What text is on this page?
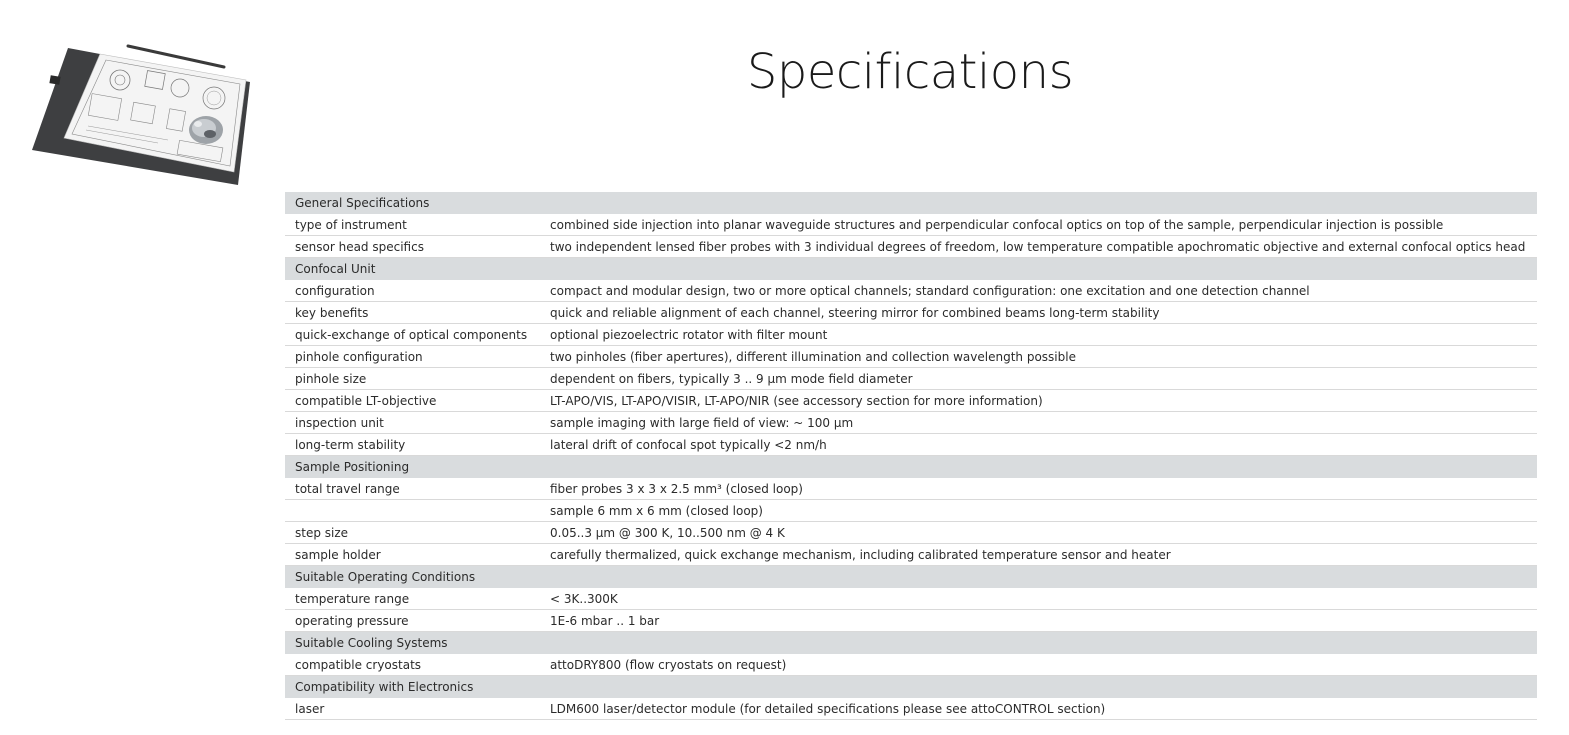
Specifications
General Specifications	
type of instrument	combined side injection into planar waveguide structures and perpendicular confocal optics on top of the sample, perpendicular injection is possible
sensor head specifics	two independent lensed fiber probes with 3 individual degrees of freedom, low temperature compatible apochromatic objective and external confocal optics head
Confocal Unit	
configuration	compact and modular design, two or more optical channels; standard configuration: one excitation and one detection channel
key benefits	quick and reliable alignment of each channel, steering mirror for combined beams long-term stability
quick-exchange of optical components	optional piezoelectric rotator with filter mount
pinhole configuration	two pinholes (fiber apertures), different illumination and collection wavelength possible
pinhole size	dependent on fibers, typically 3 .. 9 µm mode field diameter
compatible LT-objective	LT-APO/VIS, LT-APO/VISIR, LT-APO/NIR (see accessory section for more information)
inspection unit	sample imaging with large field of view: ~ 100 µm
long-term stability	lateral drift of confocal spot typically <2 nm/h
Sample Positioning	
total travel range	fiber probes 3 x 3 x 2.5 mm³ (closed loop)
	sample 6 mm x 6 mm (closed loop)
step size	0.05..3 µm @ 300 K, 10..500 nm @ 4 K
sample holder	carefully thermalized, quick exchange mechanism, including calibrated temperature sensor and heater
Suitable Operating Conditions	
temperature range	< 3K..300K
operating pressure	1E-6 mbar .. 1 bar
Suitable Cooling Systems	
compatible cryostats	attoDRY800 (flow cryostats on request)
Compatibility with Electronics	
laser	LDM600 laser/detector module (for detailed specifications please see attoCONTROL section)
